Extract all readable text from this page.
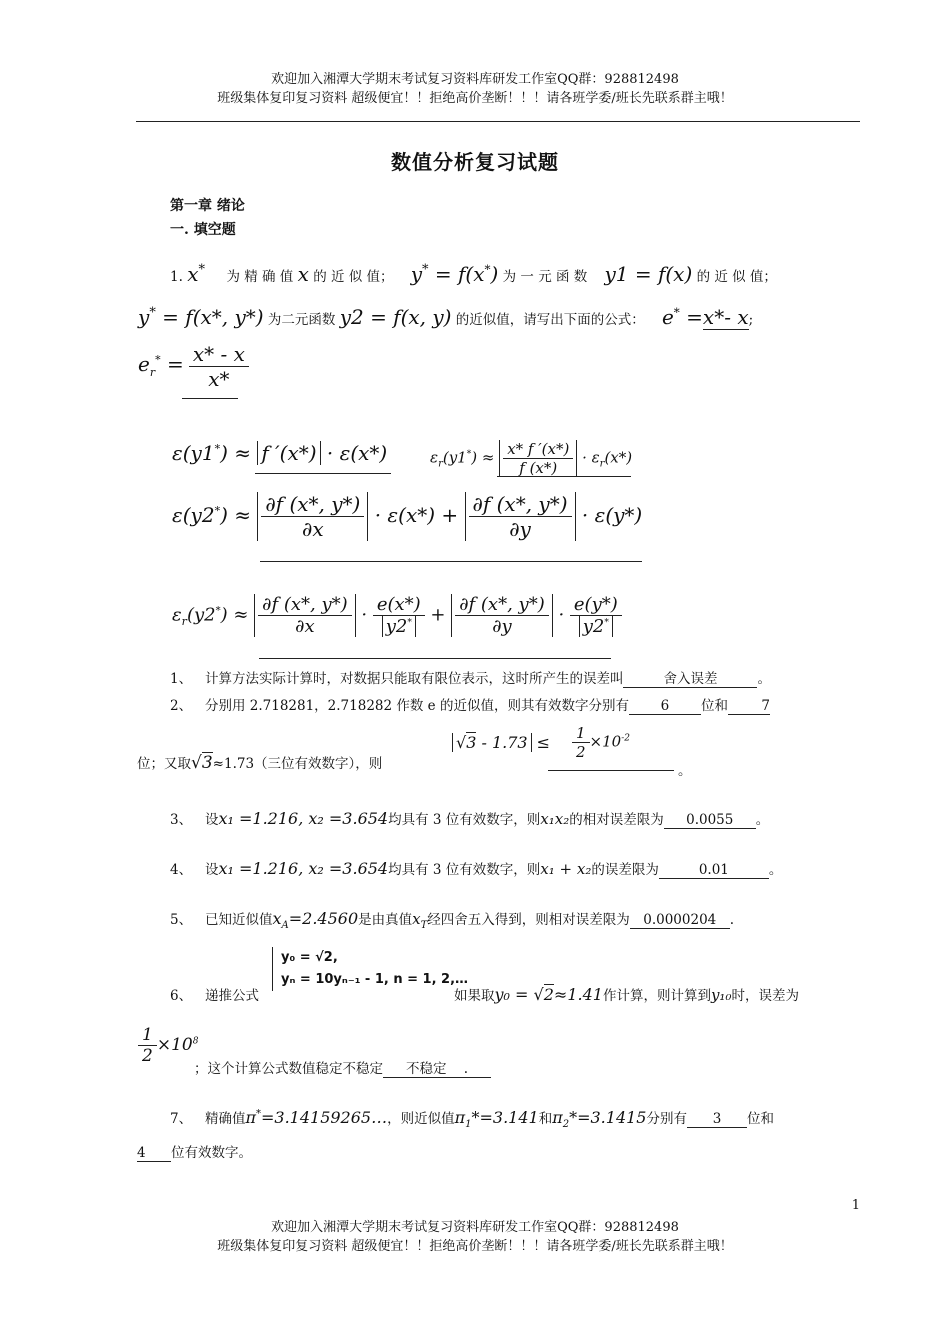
欢迎加入湘潭大学期末考试复习资料库研发工作室QQ群：928812498
班级集体复印复习资料 超级便宜！！拒绝高价垄断！！！请各班学委/班长先联系群主哦！
数值分析复习试题
第一章 绪论
一. 填空题
1. x* 为 精 确 值 x 的 近 似 值； y* = f(x*) 为 一 元 函 数 y1 = f(x) 的 近 似 值；
y* = f(x*, y*) 为二元函数 y2 = f(x, y) 的近似值，请写出下面的公式： e* =x*- x;
$e_r^* = \frac{x* - x}{x*}$
ε(y1*) ≈ f ′(x*) · ε(x*)	$\varepsilon_r(y1^*) \approx \frac{x* f '(x*)}{f (x*)} \cdot \varepsilon_r(x*)$
$\varepsilon(y2^*) \approx \frac{\partial f (x*, y*)}{\partial x} \cdot \varepsilon(x*) + \frac{\partial f (x*, y*)}{\partial y} \cdot \varepsilon(y*)$
$\varepsilon_r(y2^*) \approx \frac{\partial f (x*, y*)}{\partial x} \cdot \frac{e(x*)}{y2^*} + \frac{\partial f (x*, y*)}{\partial y} \cdot \frac{e(y*)}{y2^*}$
1、 计算方法实际计算时，对数据只能取有限位表示，这时所产生的误差叫	舍入误差	。
2、 分别用 2.718281，2.718282 作数 e 的近似值，则其有效数字分别有 6 位和 7
位；又取√3≈1.73（三位有效数字），则
$√3 - 1.73 \le \frac{1}{2} \times 10^{-2}$
。
3、 设x₁ =1.216, x₂ =3.654均具有 3 位有效数字，则x₁x₂的相对误差限为 0.0055 。
4、 设x₁ =1.216, x₂ =3.654均具有 3 位有效数字，则x₁ + x₂的误差限为	0.01	。
5、 已知近似值$x_A=2.4560$是由真值$x_T$经四舍五入得到，则相对误差限为 0.0000204 .
6、 递推公式
y₀ = √2,
yₙ = 10yₙ₋₁ - 1, n = 1, 2,…
如果取y₀ = √2≈1.41作计算，则计算到y₁₀时，误差为
$\frac{1}{2} \times 10^8$
；这个计算公式数值稳定不稳定 不稳定 .
7、 精确值π*=3.14159265…，则近似值$\pi_1*=3.141$和$\pi_2*=3.1415$分别有 3 位和
4 位有效数字。
1
欢迎加入湘潭大学期末考试复习资料库研发工作室QQ群：928812498
班级集体复印复习资料 超级便宜！！拒绝高价垄断！！！请各班学委/班长先联系群主哦！
